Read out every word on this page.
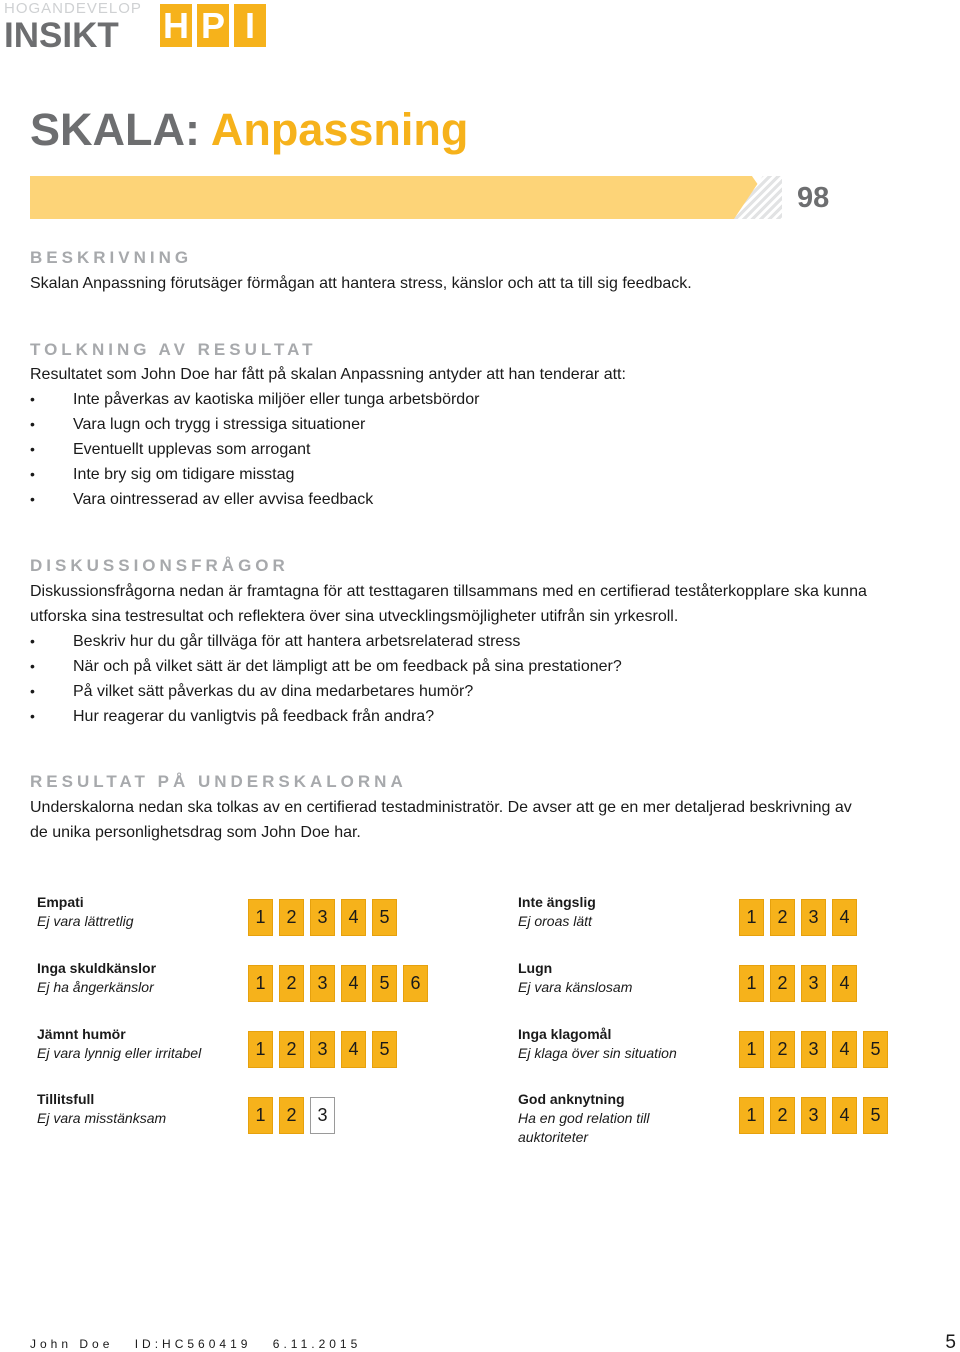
HOGANDEVELOP
INSIKT H P I
SKALA: Anpassning
98
BESKRIVNING
Skalan Anpassning förutsäger förmågan att hantera stress, känslor och att ta till sig feedback.
TOLKNING AV RESULTAT
Resultatet som John Doe har fått på skalan Anpassning antyder att han tenderar att:
• Inte påverkas av kaotiska miljöer eller tunga arbetsbördor
• Vara lugn och trygg i stressiga situationer
• Eventuellt upplevas som arrogant
• Inte bry sig om tidigare misstag
• Vara ointresserad av eller avvisa feedback
DISKUSSIONSFRÅGOR
Diskussionsfrågorna nedan är framtagna för att testtagaren tillsammans med en certifierad teståterkopplare ska kunna
utforska sina testresultat och reflektera över sina utvecklingsmöjligheter utifrån sin yrkesroll.
• Beskriv hur du går tillväga för att hantera arbetsrelaterad stress
• När och på vilket sätt är det lämpligt att be om feedback på sina prestationer?
• På vilket sätt påverkas du av dina medarbetares humör?
• Hur reagerar du vanligtvis på feedback från andra?
RESULTAT PÅ UNDERSKALORNA
Underskalorna nedan ska tolkas av en certifierad testadministratör. De avser att ge en mer detaljerad beskrivning av
de unika personlighetsdrag som John Doe har.
Empati
Ej vara lättretlig	1	2	3	4	5
Inte ängslig
Ej oroas lätt	1	2	3	4
Inga skuldkänslor
Ej ha ångerkänslor	1	2	3	4	5	6
Lugn
Ej vara känslosam	1	2	3	4
Jämnt humör
Ej vara lynnig eller irritabel	1	2	3	4	5
Inga klagomål
Ej klaga över sin situation	1	2	3	4	5
Tillitsfull
Ej vara misstänksam	1	2	3
God anknytning
Ha en god relation till auktoriteter
1	2	3	4	5
John Doe ID:HC560419 6.11.2015	5
